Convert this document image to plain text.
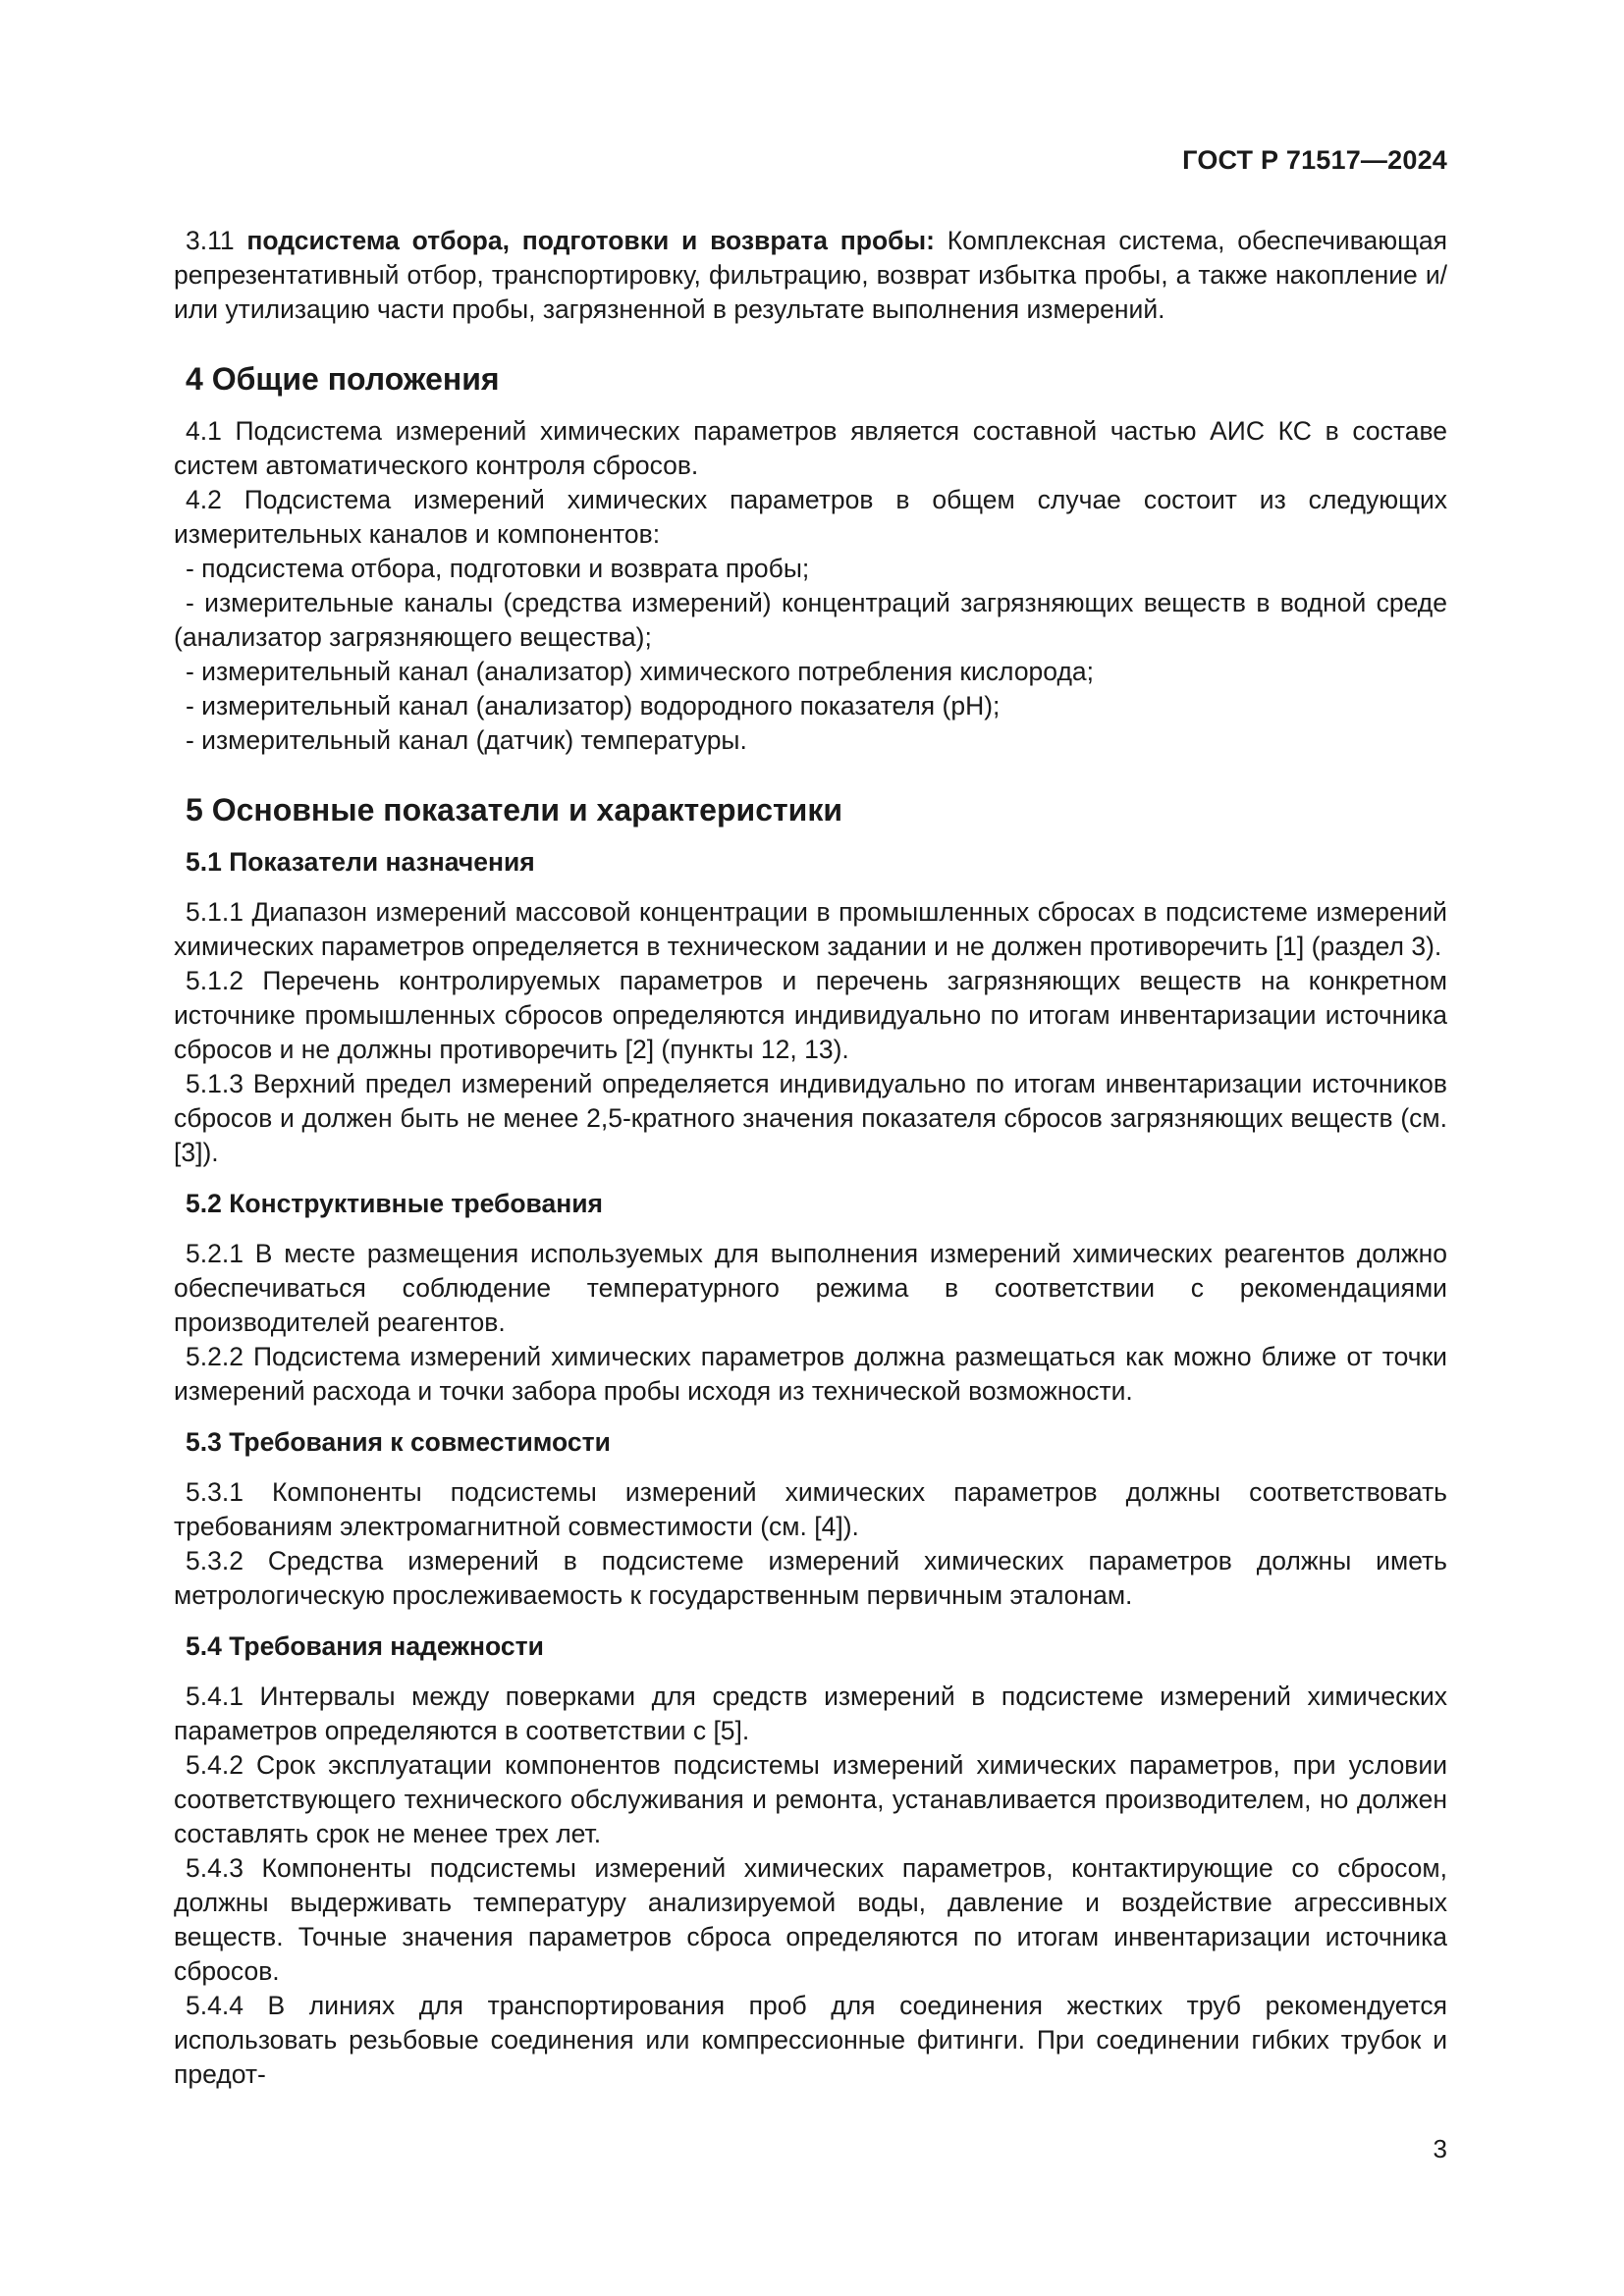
ГОСТ Р 71517—2024

3.11 подсистема отбора, подготовки и возврата пробы: Комплексная система, обеспечивающая репрезентативный отбор, транспортировку, фильтрацию, возврат избытка пробы, а также накопление и/или утилизацию части пробы, загрязненной в результате выполнения измерений.

4 Общие положения

4.1 Подсистема измерений химических параметров является составной частью АИС КС в составе систем автоматического контроля сбросов.

4.2 Подсистема измерений химических параметров в общем случае состоит из следующих измерительных каналов и компонентов:

- подсистема отбора, подготовки и возврата пробы;

- измерительные каналы (средства измерений) концентраций загрязняющих веществ в водной среде (анализатор загрязняющего вещества);

- измерительный канал (анализатор) химического потребления кислорода;

- измерительный канал (анализатор) водородного показателя (рН);

- измерительный канал (датчик) температуры.

5 Основные показатели и характеристики
5.1 Показатели назначения

5.1.1 Диапазон измерений массовой концентрации в промышленных сбросах в подсистеме измерений химических параметров определяется в техническом задании и не должен противоречить [1] (раздел 3).

5.1.2 Перечень контролируемых параметров и перечень загрязняющих веществ на конкретном источнике промышленных сбросов определяются индивидуально по итогам инвентаризации источника сбросов и не должны противоречить [2] (пункты 12, 13).

5.1.3 Верхний предел измерений определяется индивидуально по итогам инвентаризации источников сбросов и должен быть не менее 2,5-кратного значения показателя сбросов загрязняющих веществ (см. [3]).

5.2 Конструктивные требования

5.2.1 В месте размещения используемых для выполнения измерений химических реагентов должно обеспечиваться соблюдение температурного режима в соответствии с рекомендациями производителей реагентов.

5.2.2 Подсистема измерений химических параметров должна размещаться как можно ближе от точки измерений расхода и точки забора пробы исходя из технической возможности.

5.3 Требования к совместимости

5.3.1 Компоненты подсистемы измерений химических параметров должны соответствовать требованиям электромагнитной совместимости (см. [4]).

5.3.2 Средства измерений в подсистеме измерений химических параметров должны иметь метрологическую прослеживаемость к государственным первичным эталонам.

5.4 Требования надежности

5.4.1 Интервалы между поверками для средств измерений в подсистеме измерений химических параметров определяются в соответствии с [5].

5.4.2 Срок эксплуатации компонентов подсистемы измерений химических параметров, при условии соответствующего технического обслуживания и ремонта, устанавливается производителем, но должен составлять срок не менее трех лет.

5.4.3 Компоненты подсистемы измерений химических параметров, контактирующие со сбросом, должны выдерживать температуру анализируемой воды, давление и воздействие агрессивных веществ. Точные значения параметров сброса определяются по итогам инвентаризации источника сбросов.

5.4.4 В линиях для транспортирования проб для соединения жестких труб рекомендуется использовать резьбовые соединения или компрессионные фитинги. При соединении гибких трубок и предот-

3
